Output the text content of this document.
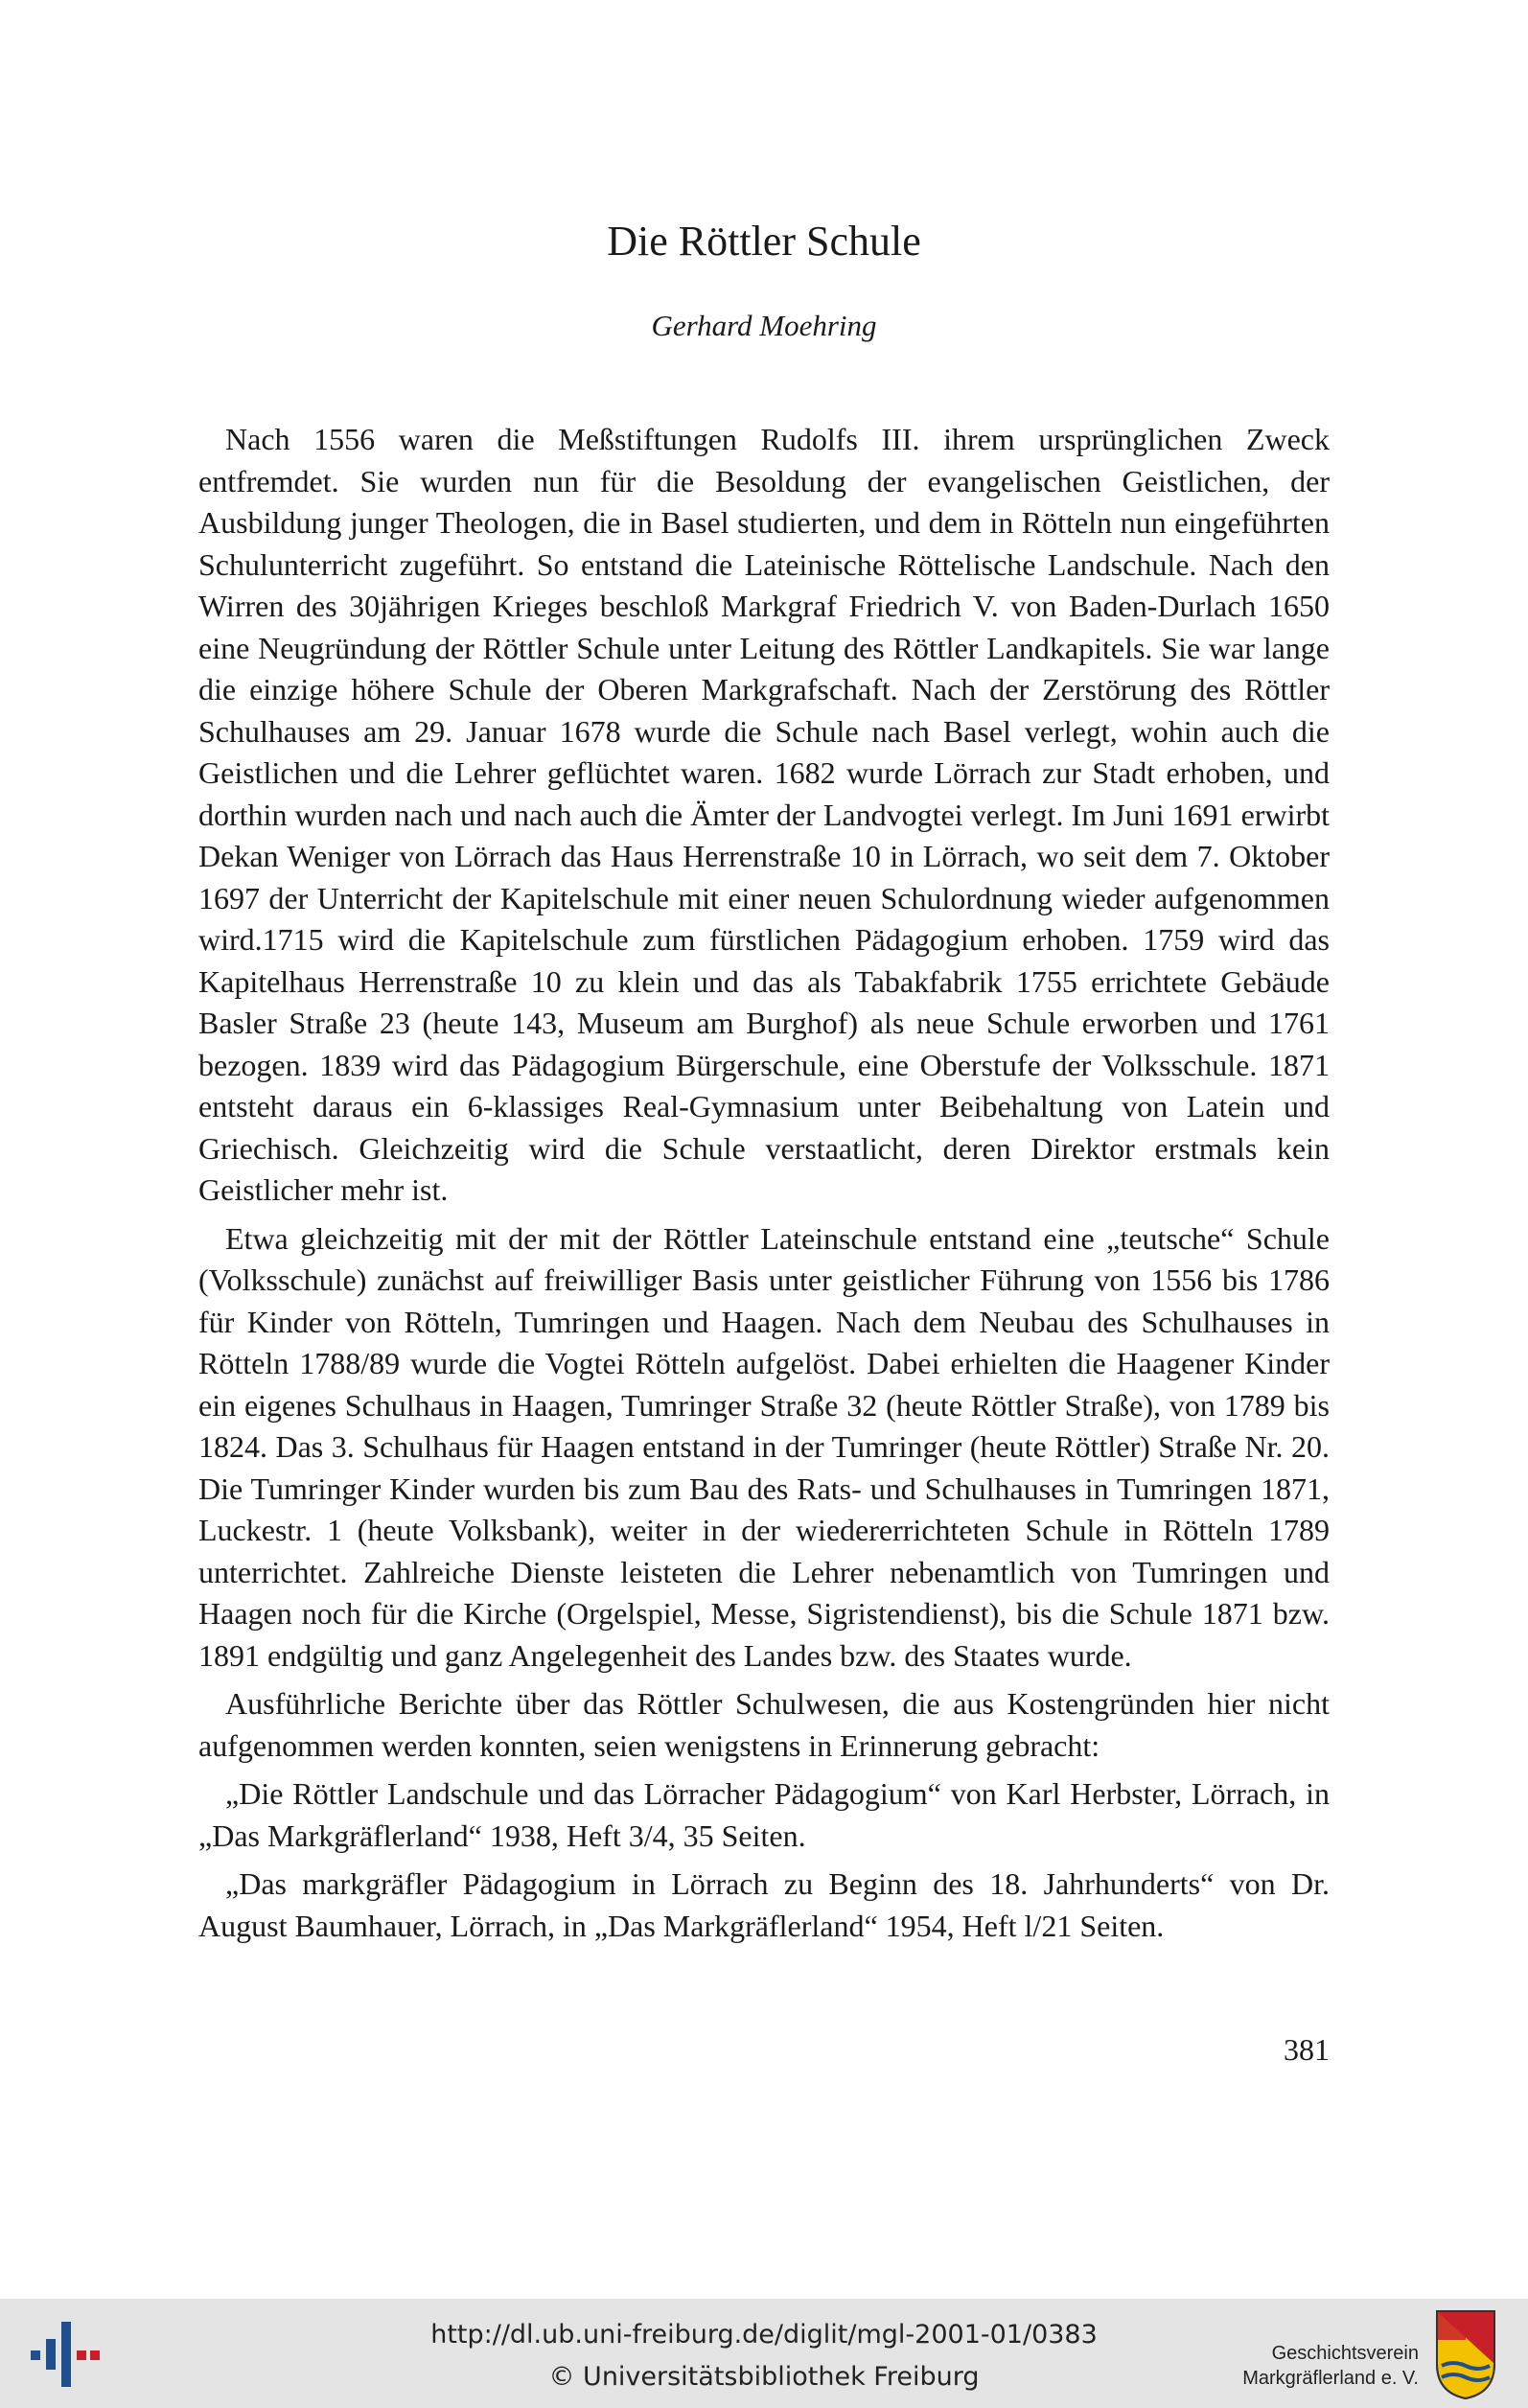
Die Röttler Schule
Gerhard Moehring

Nach 1556 waren die Meßstiftungen Rudolfs III. ihrem ursprünglichen Zweck entfremdet. Sie wurden nun für die Besoldung der evangelischen Geistlichen, der Ausbildung junger Theologen, die in Basel studierten, und dem in Rötteln nun eingeführten Schulunterricht zugeführt. So entstand die Lateinische Röttelische Landschule. Nach den Wirren des 30jährigen Krieges beschloß Markgraf Friedrich V. von Baden-Durlach 1650 eine Neugründung der Röttler Schule unter Leitung des Röttler Landkapitels. Sie war lange die einzige höhere Schule der Oberen Markgrafschaft. Nach der Zerstörung des Röttler Schulhauses am 29. Januar 1678 wurde die Schule nach Basel verlegt, wohin auch die Geistlichen und die Lehrer geflüchtet waren. 1682 wurde Lörrach zur Stadt erhoben, und dorthin wurden nach und nach auch die Ämter der Landvogtei verlegt. Im Juni 1691 erwirbt Dekan Weniger von Lörrach das Haus Herrenstraße 10 in Lörrach, wo seit dem 7. Oktober 1697 der Unterricht der Kapitelschule mit einer neuen Schulordnung wieder aufgenommen wird.1715 wird die Kapitelschule zum fürstlichen Pädagogium erhoben. 1759 wird das Kapitelhaus Herrenstraße 10 zu klein und das als Tabakfabrik 1755 errichtete Gebäude Basler Straße 23 (heute 143, Museum am Burghof) als neue Schule erworben und 1761 bezogen. 1839 wird das Pädagogium Bürgerschule, eine Oberstufe der Volksschule. 1871 entsteht daraus ein 6-klassiges Real-Gymnasium unter Beibehaltung von Latein und Griechisch. Gleichzeitig wird die Schule verstaatlicht, deren Direktor erstmals kein Geistlicher mehr ist.

Etwa gleichzeitig mit der mit der Röttler Lateinschule entstand eine „teutsche“ Schule (Volksschule) zunächst auf freiwilliger Basis unter geistlicher Führung von 1556 bis 1786 für Kinder von Rötteln, Tumringen und Haagen. Nach dem Neubau des Schulhauses in Rötteln 1788/89 wurde die Vogtei Rötteln aufgelöst. Dabei erhielten die Haagener Kinder ein eigenes Schulhaus in Haagen, Tumringer Straße 32 (heute Röttler Straße), von 1789 bis 1824. Das 3. Schulhaus für Haagen entstand in der Tumringer (heute Röttler) Straße Nr. 20. Die Tumringer Kinder wurden bis zum Bau des Rats- und Schulhauses in Tumringen 1871, Luckestr. 1 (heute Volksbank), weiter in der wiedererrichteten Schule in Rötteln 1789 unterrichtet. Zahlreiche Dienste leisteten die Lehrer nebenamtlich von Tumringen und Haagen noch für die Kirche (Orgelspiel, Messe, Sigristendienst), bis die Schule 1871 bzw. 1891 endgültig und ganz Angelegenheit des Landes bzw. des Staates wurde.

Ausführliche Berichte über das Röttler Schulwesen, die aus Kostengründen hier nicht aufgenommen werden konnten, seien wenigstens in Erinnerung gebracht:

„Die Röttler Landschule und das Lörracher Pädagogium“ von Karl Herbster, Lörrach, in „Das Markgräflerland“ 1938, Heft 3/4, 35 Seiten.

„Das markgräfler Pädagogium in Lörrach zu Beginn des 18. Jahrhunderts“ von Dr. August Baumhauer, Lörrach, in „Das Markgräflerland“ 1954, Heft l/21 Seiten.

381
http://dl.ub.uni-freiburg.de/diglit/mgl-2001-01/0383
© Universitätsbibliothek Freiburg
Geschichtsverein
Markgräflerland e. V.
